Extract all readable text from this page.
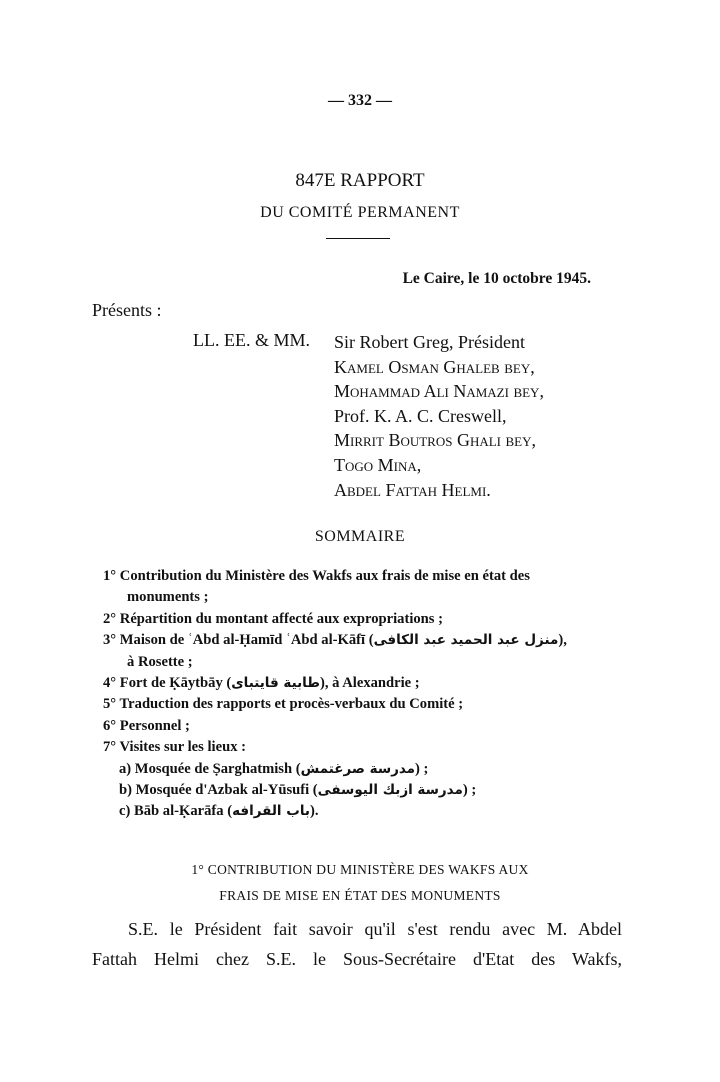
— 332 —
847E RAPPORT
DU COMITÉ PERMANENT
Le Caire, le 10 octobre 1945.
Présents :
LL. EE. & MM. Sir Robert Greg, Président
Kamel Osman Ghaleb bey,
Mohammad Ali Namazi bey,
Prof. K. A. C. Creswell,
Mirrit Boutros Ghali bey,
Togo Mina,
Abdel Fattah Helmi.
SOMMAIRE
1° Contribution du Ministère des Wakfs aux frais de mise en état des
monuments ;
2° Répartition du montant affecté aux expropriations ;
3° Maison de ʿAbd al-Ḥamīd ʿAbd al-Kāfī (منزل عبد الحميد عبد الكافى),
à Rosette ;
4° Fort de Ḳāytbāy (طابية قايتباى), à Alexandrie ;
5° Traduction des rapports et procès-verbaux du Comité ;
6° Personnel ;
7° Visites sur les lieux :
a) Mosquée de Ṣarghatmish (مدرسة صرغتمش) ;
b) Mosquée d'Azbak al-Yūsufi (مدرسة ازبك اليوسفى) ;
c) Bāb al-Ḳarāfa (باب القرافه).
1° CONTRIBUTION DU MINISTÈRE DES WAKFS AUX
FRAIS DE MISE EN ÉTAT DES MONUMENTS
S.E. le Président fait savoir qu'il s'est rendu avec M. Abdel
Fattah Helmi chez S.E. le Sous-Secrétaire d'Etat des Wakfs,
